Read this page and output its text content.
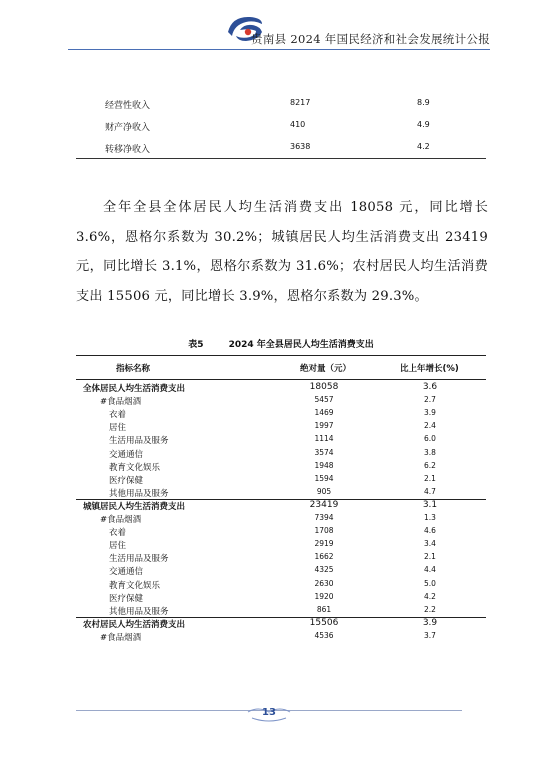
贵南县 2024 年国民经济和社会发展统计公报
经营性收入	8217	8.9
财产净收入	410	4.9
转移净收入	3638	4.2

全年全县全体居民人均生活消费支出 18058 元，同比增长 3.6%，恩格尔系数为 30.2%；城镇居民人均生活消费支出 23419 元，同比增长 3.1%，恩格尔系数为 31.6%；农村居民人均生活消费支出 15506 元，同比增长 3.9%，恩格尔系数为 29.3%。

表5	2024 年全县居民人均生活消费支出
指标名称	绝对量（元）	比上年增长(%)
全体居民人均生活消费支出	18058	3.6
#食品烟酒	5457	2.7
衣着	1469	3.9
居住	1997	2.4
生活用品及服务	1114	6.0
交通通信	3574	3.8
教育文化娱乐	1948	6.2
医疗保健	1594	2.1
其他用品及服务	905	4.7
城镇居民人均生活消费支出	23419	3.1
#食品烟酒	7394	1.3
衣着	1708	4.6
居住	2919	3.4
生活用品及服务	1662	2.1
交通通信	4325	4.4
教育文化娱乐	2630	5.0
医疗保健	1920	4.2
其他用品及服务	861	2.2
农村居民人均生活消费支出	15506	3.9
#食品烟酒	4536	3.7
13
